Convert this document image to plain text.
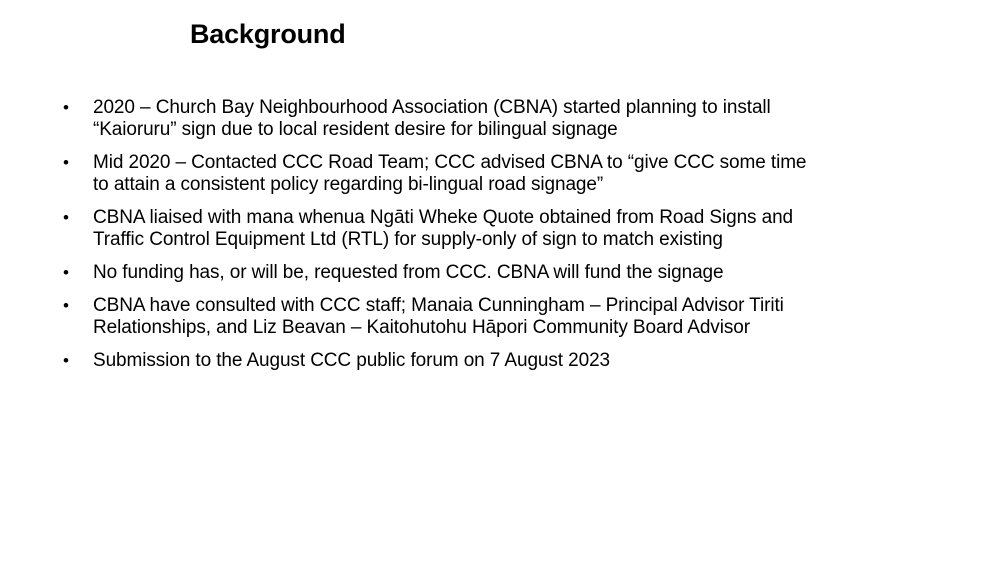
Background
• 2020 – Church Bay Neighbourhood Association (CBNA) started planning to install “Kaioruru” sign due to local resident desire for bilingual signage
• Mid 2020 – Contacted CCC Road Team; CCC advised CBNA to “give CCC some time to attain a consistent policy regarding bi-lingual road signage”
• CBNA liaised with mana whenua Ngāti Wheke Quote obtained from Road Signs and Traffic Control Equipment Ltd (RTL) for supply-only of sign to match existing
• No funding has, or will be, requested from CCC. CBNA will fund the signage
• CBNA have consulted with CCC staff; Manaia Cunningham – Principal Advisor Tiriti Relationships, and Liz Beavan – Kaitohutohu Hāpori Community Board Advisor
• Submission to the August CCC public forum on 7 August 2023
